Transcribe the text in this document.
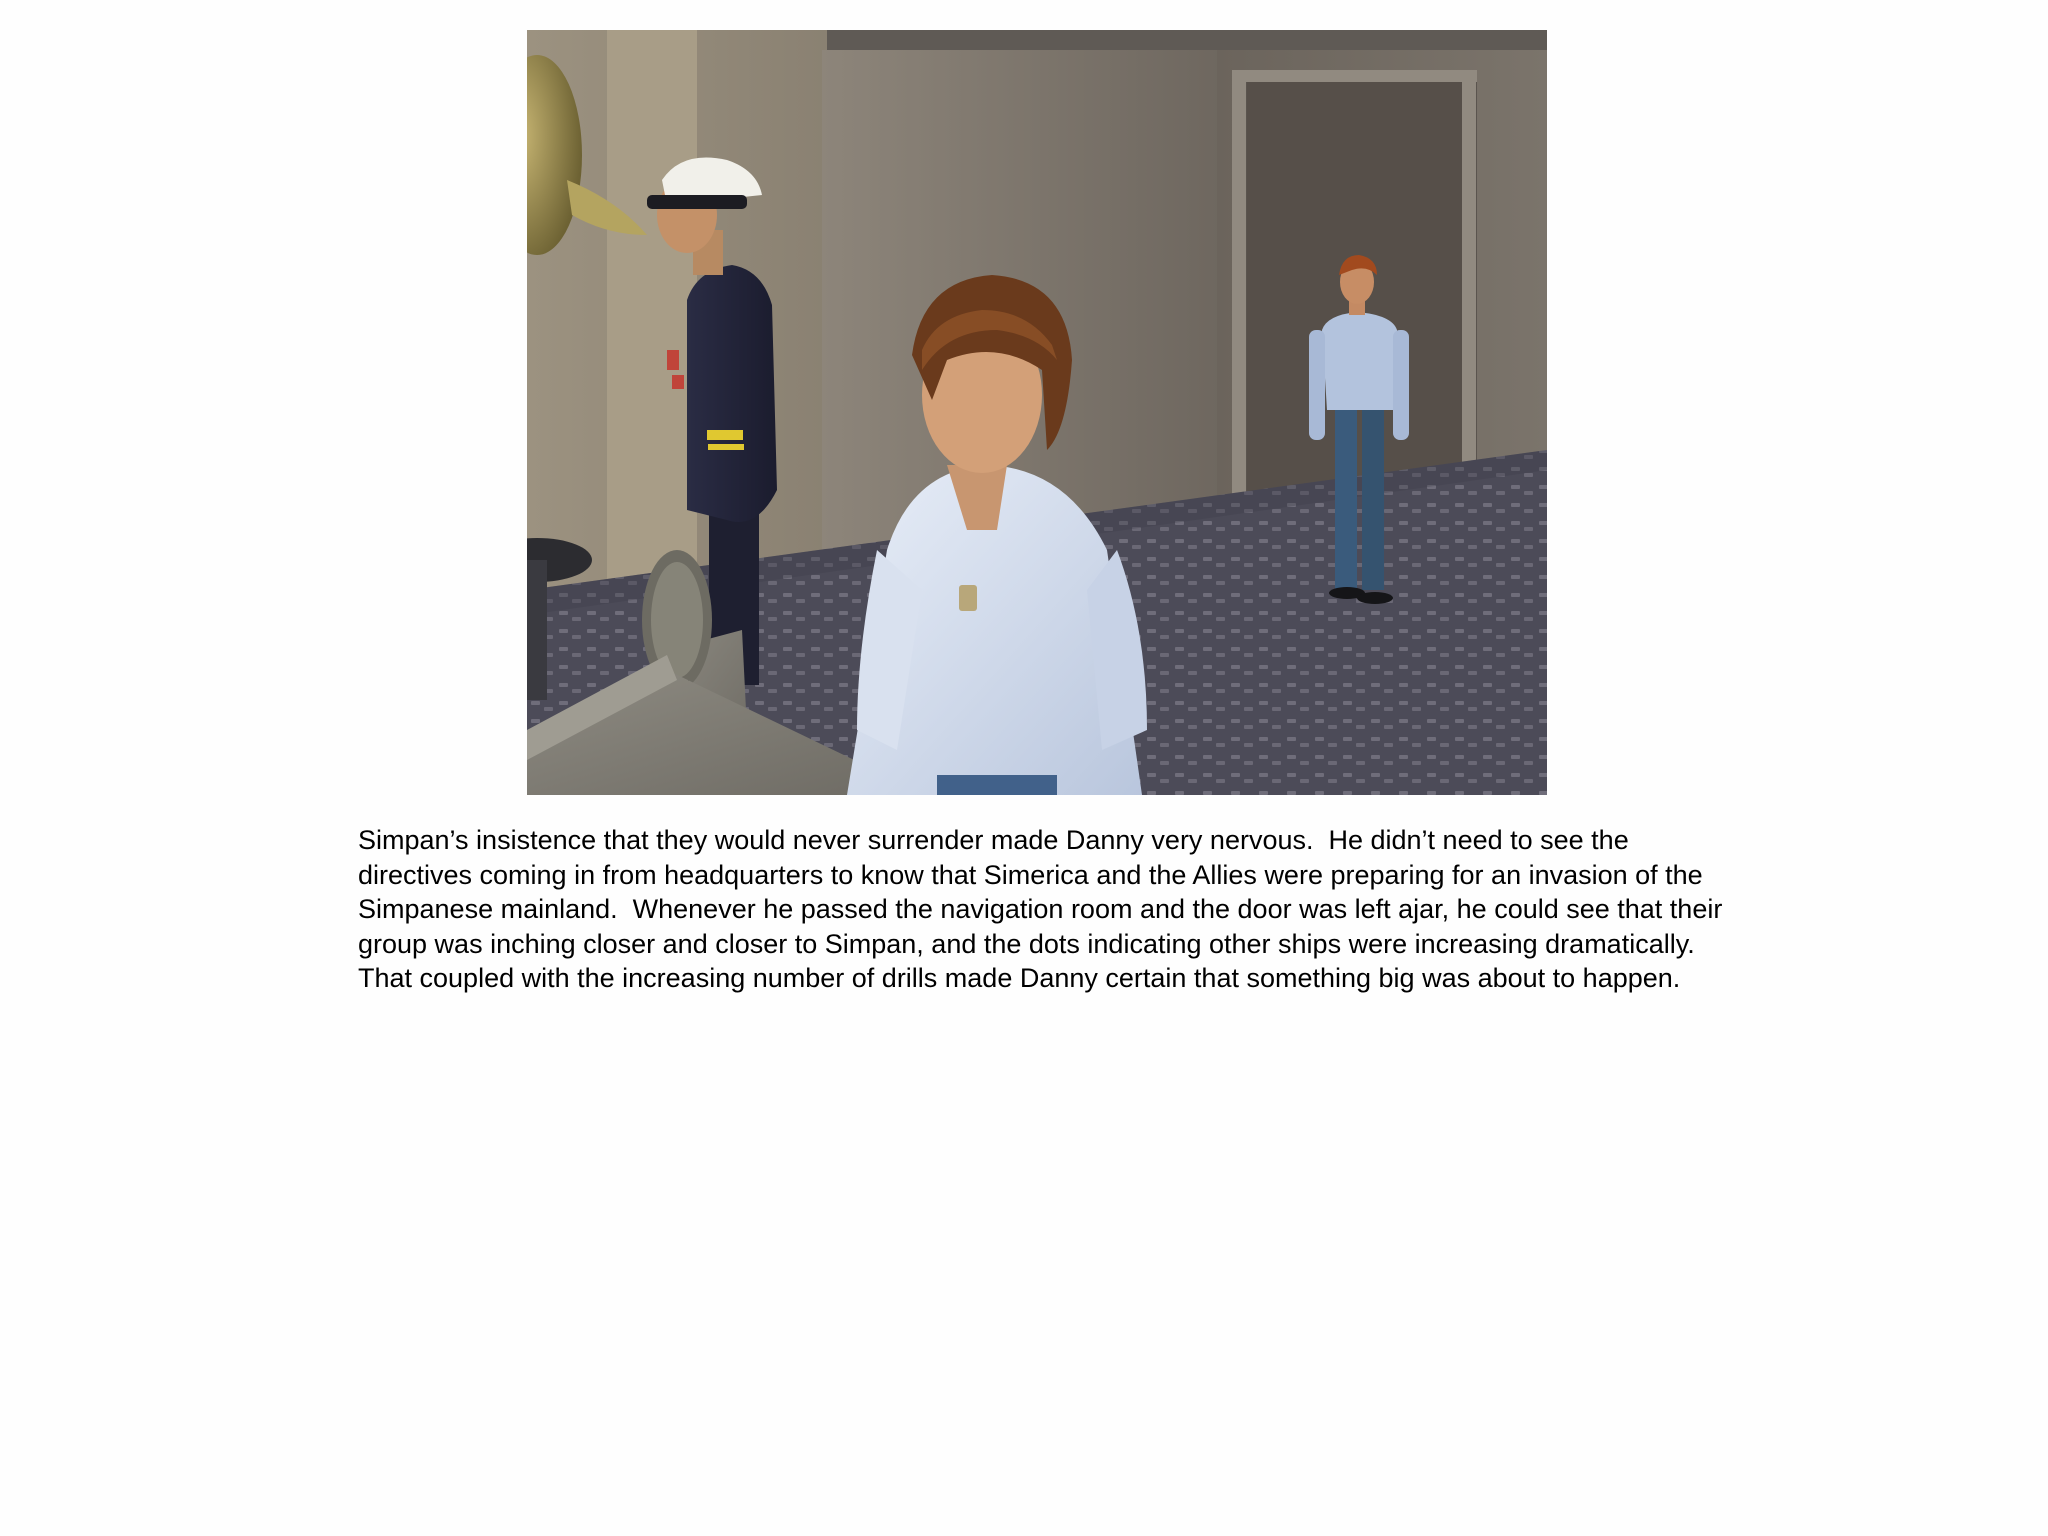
Simpan’s insistence that they would never surrender made Danny very nervous.  He didn’t need to see the directives coming in from headquarters to know that Simerica and the Allies were preparing for an invasion of the Simpanese mainland.  Whenever he passed the navigation room and the door was left ajar, he could see that their group was inching closer and closer to Simpan, and the dots indicating other ships were increasing dramatically.  That coupled with the increasing number of drills made Danny certain that something big was about to happen.
